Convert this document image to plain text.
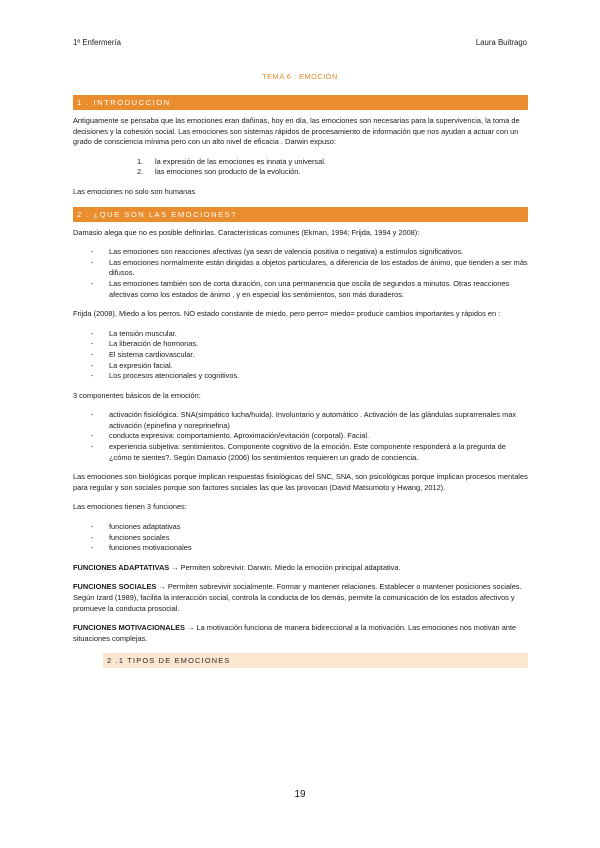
1º Enfermería	Laura Buitrago
TEMA 6 : EMOCIÓN
1 . INTRODUCCION

Antiguamente se pensaba que las emociones eran dañinas, hoy en día, las emociones son necesarias para la supervivencia, la toma de decisiones y la cohesión social. Las emociones son sistemas rápidos de procesamiento de información que nos ayudan a actuar con un grado de consciencia mínima pero con un alto nivel de eficacia . Darwin expuso:

1. la expresión de las emociones es innata y universal.
2. las emociones son producto de la evolución.

Las emociones no solo son humanas

2 . ¿QUE SON LAS EMOCIONES?

Damasio alega que no es posible definirlas. Características comunes (Ekman, 1994; Frijda, 1994 y 2008):

- Las emociones son reacciones afectivas (ya sean de valencia positiva o negativa) a estímulos significativos.
- Las emociones normalmente están dirigidas a objetos particulares, a diferencia de los estados de ánimo, que tienden a ser más difusos.
- Las emociones también son de corta duración, con una permanencia que oscila de segundos a minutos. Otras reacciones afectivas como los estados de ánimo , y en especial los sentimientos, son más duraderos.

Frijda (2008), Miedo a los perros. NO estado constante de miedo, pero perro= miedo= producir cambios importantes y rápidos en :

- La tensión muscular.
- La liberación de hormonas.
- El sistema cardiovascular.
- La expresión facial.
- Los procesos atencionales y cognitivos.

3 componentes básicos de la emoción:

- activación fisiológica. SNA(simpático lucha/huida). Involuntario y automático . Activación de las glándulas suprarrenales max activación (epinefina y noreprinefina)
- conducta expresiva: comportamiento. Aproximación/evitación (corporal). Facial.
- experiencia subjetiva: sentimientos. Componente cognitivo de la emoción. Este componente responderá a la pregunta de ¿cómo te sientes?. Según Damasio (2006) los sentimientos requieren un grado de conciencia.

Las emociones son biológicas porque implican respuestas fisiológicas del SNC, SNA, son psicológicas porque implican procesos mentales para regular y son sociales porque son factores sociales las que las provocan (David Matsumoto y Hwang, 2012).

Las emociones tienen 3 funciones:

- funciones adaptativas
- funciones sociales
- funciones motivacionales

FUNCIONES ADAPTATIVAS → Permiten sobrevivir. Darwin. Miedo la emoción principal adaptativa.

FUNCIONES SOCIALES → Permiten sobrevivir socialmente. Formar y mantener relaciones. Establecer o mantener posiciones sociales. Según Izard (1989), facilita la interacción social, controla la conducta de los demás, permite la comunicación de los estados afectivos y promueve la conducta prosocial.

FUNCIONES MOTIVACIONALES → La motivación funciona de manera bidireccional a la motivación. Las emociones nos motivan ante situaciones complejas.

2 .1 TIPOS DE EMOCIONES
19
